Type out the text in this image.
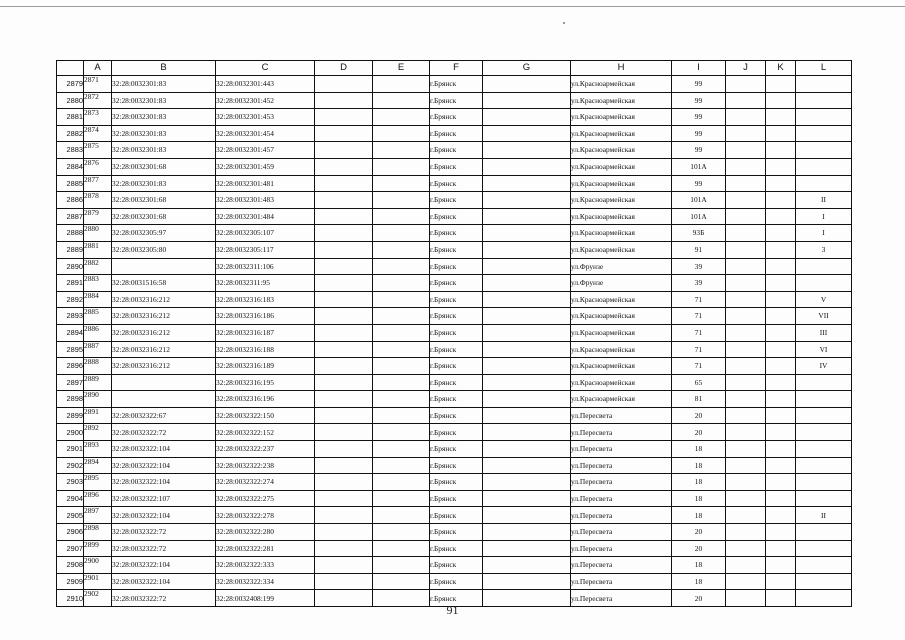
	A	B	C	D	E	F	G	H	I	J	K	L
2879	2871	32:28:0032301:83	32:28:0032301:443			г.Брянск		ул.Красноармейская	99			
2880	2872	32:28:0032301:83	32:28:0032301:452			г.Брянск		ул.Красноармейская	99			
2881	2873	32:28:0032301:83	32:28:0032301:453			г.Брянск		ул.Красноармейская	99			
2882	2874	32:28:0032301:83	32:28:0032301:454			г.Брянск		ул.Красноармейская	99			
2883	2875	32:28:0032301:83	32:28:0032301:457			г.Брянск		ул.Красноармейская	99			
2884	2876	32:28:0032301:68	32:28:0032301:459			г.Брянск		ул.Красноармейская	101А			
2885	2877	32:28:0032301:83	32:28:0032301:481			г.Брянск		ул.Красноармейская	99			
2886	2878	32:28:0032301:68	32:28:0032301:483			г.Брянск		ул.Красноармейская	101А			II
2887	2879	32:28:0032301:68	32:28:0032301:484			г.Брянск		ул.Красноармейская	101А			I
2888	2880	32:28:0032305:97	32:28:0032305:107			г.Брянск		ул.Красноармейская	93Б			I
2889	2881	32:28:0032305:80	32:28:0032305:117			г.Брянск		ул.Красноармейская	91			3
2890	2882		32:28:0032311:106			г.Брянск		ул.Фрунзе	39			
2891	2883	32:28:0031516:58	32:28:0032311:95			г.Брянск		ул.Фрунзе	39			
2892	2884	32:28:0032316:212	32:28:0032316:183			г.Брянск		ул.Красноармейская	71			V
2893	2885	32:28:0032316:212	32:28:0032316:186			г.Брянск		ул.Красноармейская	71			VII
2894	2886	32:28:0032316:212	32:28:0032316:187			г.Брянск		ул.Красноармейская	71			III
2895	2887	32:28:0032316:212	32:28:0032316:188			г.Брянск		ул.Красноармейская	71			VI
2896	2888	32:28:0032316:212	32:28:0032316:189			г.Брянск		ул.Красноармейская	71			IV
2897	2889		32:28:0032316:195			г.Брянск		ул.Красноармейская	65			
2898	2890		32:28:0032316:196			г.Брянск		ул.Красноармейская	81			
2899	2891	32:28:0032322:67	32:28:0032322:150			г.Брянск		ул.Пересвета	20			
2900	2892	32:28:0032322:72	32:28:0032322:152			г.Брянск		ул.Пересвета	20			
2901	2893	32:28:0032322:104	32:28:0032322:237			г.Брянск		ул.Пересвета	18			
2902	2894	32:28:0032322:104	32:28:0032322:238			г.Брянск		ул.Пересвета	18			
2903	2895	32:28:0032322:104	32:28:0032322:274			г.Брянск		ул.Пересвета	18			
2904	2896	32:28:0032322:107	32:28:0032322:275			г.Брянск		ул.Пересвета	18			
2905	2897	32:28:0032322:104	32:28:0032322:278			г.Брянск		ул.Пересвета	18			II
2906	2898	32:28:0032322:72	32:28:0032322:280			г.Брянск		ул.Пересвета	20			
2907	2899	32:28:0032322:72	32:28:0032322:281			г.Брянск		ул.Пересвета	20			
2908	2900	32:28:0032322:104	32:28:0032322:333			г.Брянск		ул.Пересвета	18			
2909	2901	32:28:0032322:104	32:28:0032322:334			г.Брянск		ул.Пересвета	18			
2910	2902	32:28:0032322:72	32:28:0032408:199			г.Брянск		ул.Пересвета	20			
91
